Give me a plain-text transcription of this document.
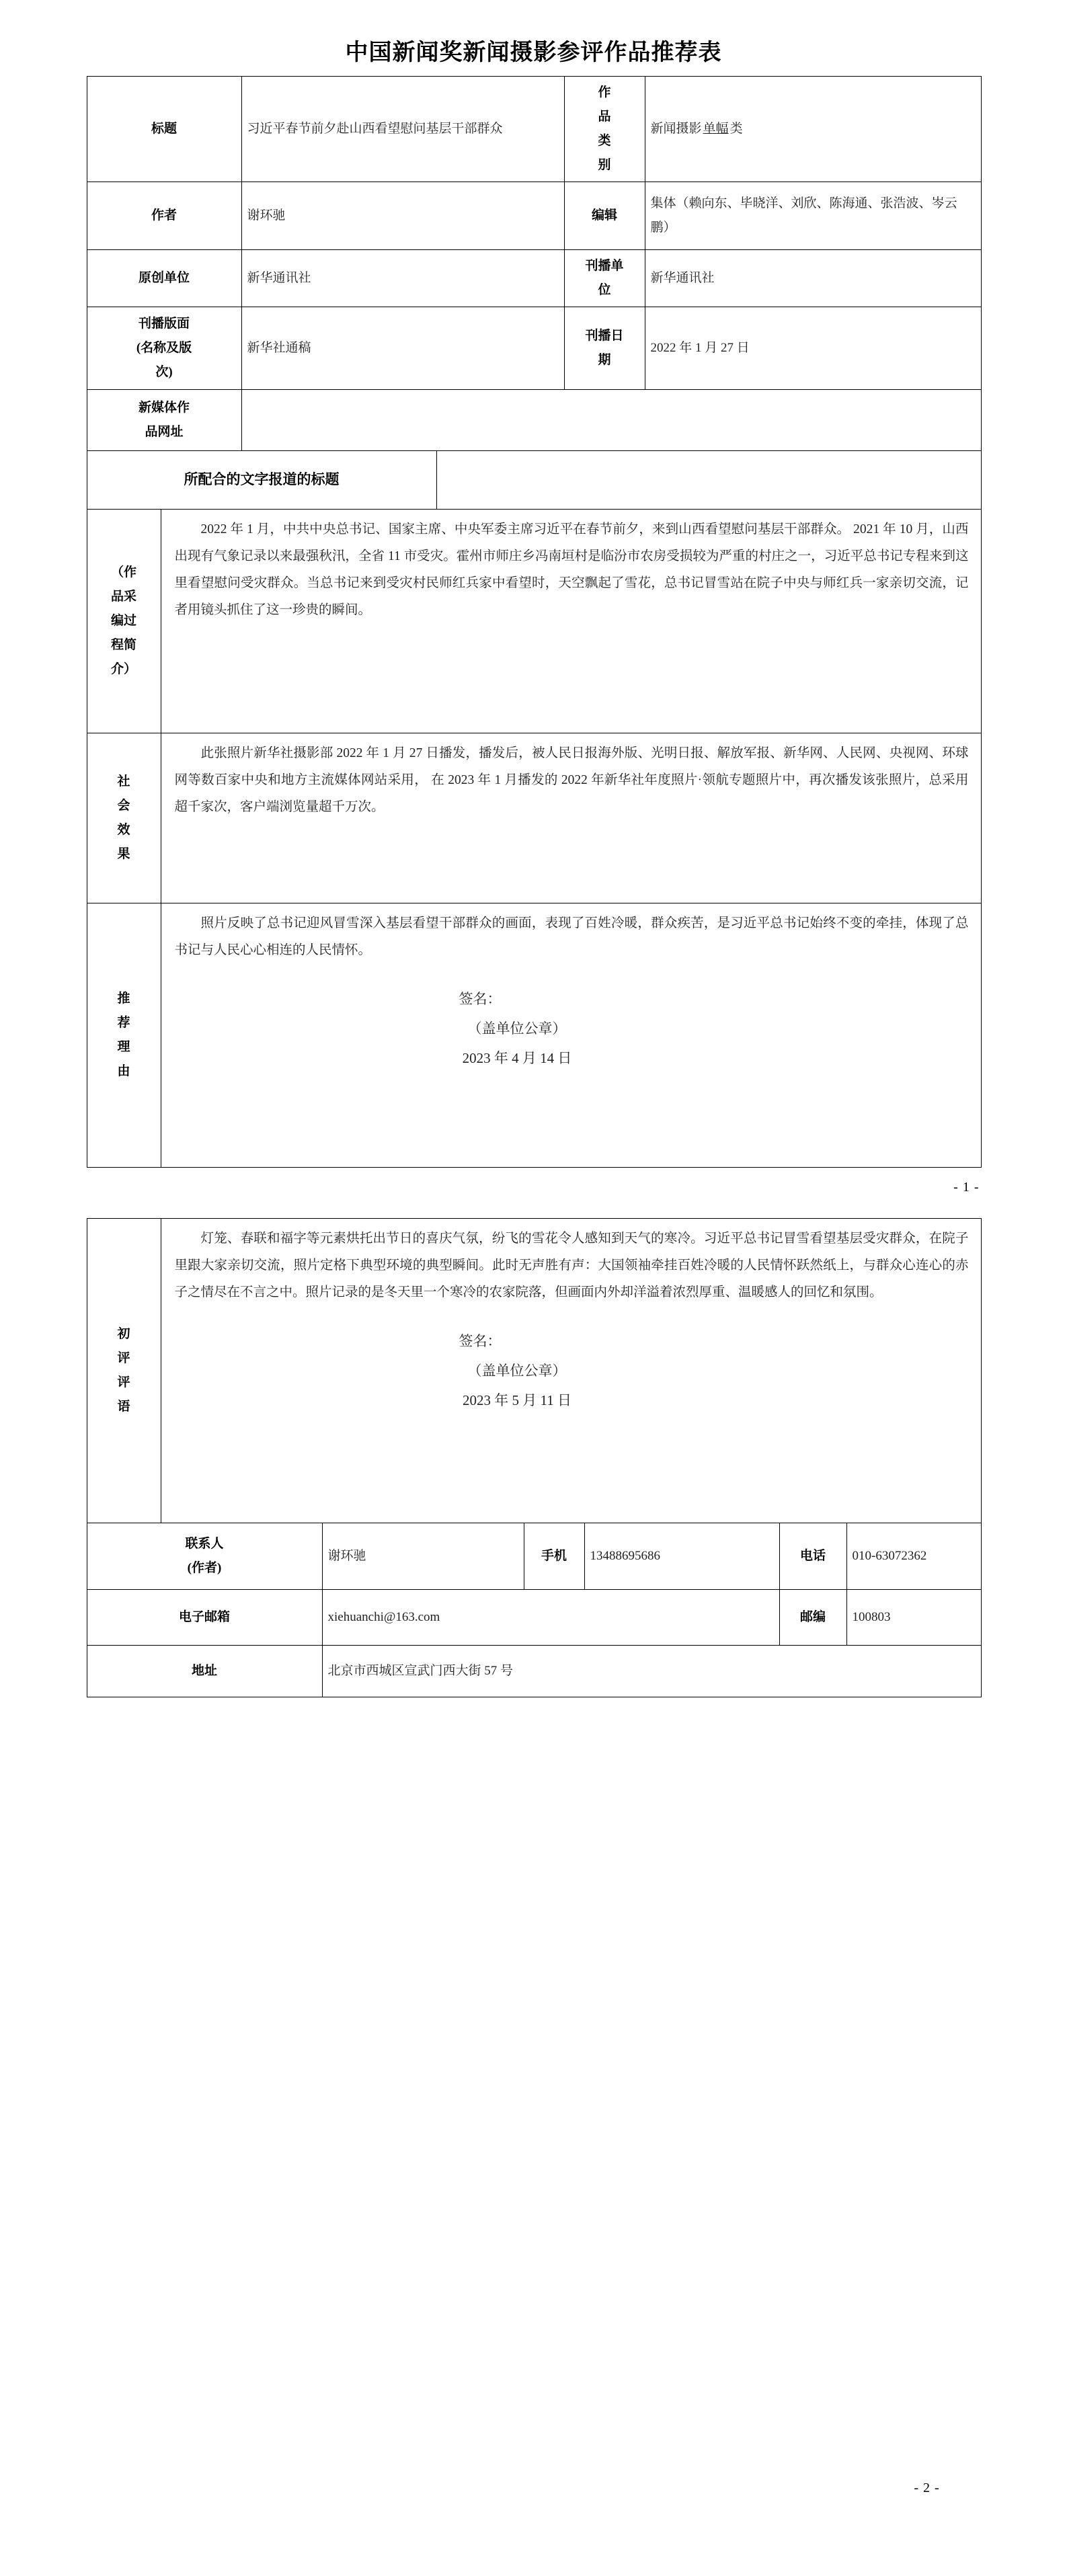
中国新闻奖新闻摄影参评作品推荐表
标题		习近平春节前夕赴山西看望慰问基层干部群众		作品类别	新闻摄影 单幅 类
作者		谢环驰		编辑	集体（赖向东、毕晓洋、刘欣、陈海通、张浩波、岑云鹏）
原创单位		新华通讯社		刊播单位	新华通讯社
刊播版面(名称及版次)		新华社通稿		刊播日期	2022 年 1 月 27 日
新媒体作品网址					
所配合的文字报道的标题					
（作品采编过程简介）	2022 年 1 月，中共中央总书记、国家主席、中央军委主席习近平在春节前夕，来到山西看望慰问基层干部群众。 2021 年 10 月，山西出现有气象记录以来最强秋汛，全省 11 市受灾。霍州市师庄乡冯南垣村是临汾市农房受损较为严重的村庄之一，习近平总书记专程来到这里看望慰问受灾群众。当总书记来到受灾村民师红兵家中看望时，天空飘起了雪花，总书记冒雪站在院子中央与师红兵一家亲切交流，记者用镜头抓住了这一珍贵的瞬间。				

社会效果	此张照片新华社摄影部 2022 年 1 月 27 日播发，播发后，被人民日报海外版、光明日报、解放军报、新华网、人民网、央视网、环球网等数百家中央和地方主流媒体网站采用， 在 2023 年 1 月播发的 2022 年新华社年度照片·领航专题照片中，再次播发该张照片，总采用超千家次，客户端浏览量超千万次。				

推荐理由	照片反映了总书记迎风冒雪深入基层看望干部群众的画面，表现了百姓冷暖，群众疾苦，是习近平总书记始终不变的牵挂，体现了总书记与人民心心相连的人民情怀。
签名：
（盖单位公章）
2023 年 4 月 14 日				
- 1 -
初评评语	灯笼、春联和福字等元素烘托出节日的喜庆气氛，纷飞的雪花令人感知到天气的寒冷。习近平总书记冒雪看望基层受灾群众，在院子里跟大家亲切交流，照片定格下典型环境的典型瞬间。此时无声胜有声：大国领袖牵挂百姓冷暖的人民情怀跃然纸上，与群众心连心的赤子之情尽在不言之中。照片记录的是冬天里一个寒冷的农家院落，但画面内外却洋溢着浓烈厚重、温暖感人的回忆和氛围。
签名：
（盖单位公章）
2023 年 5 月 11 日					

联系人(作者)		谢环驰	手机	13488695686	电话	010-63072362
电子邮箱		xiehuanchi@163.com			邮编	100803
地址		北京市西城区宣武门西大街 57 号				
- 2 -
